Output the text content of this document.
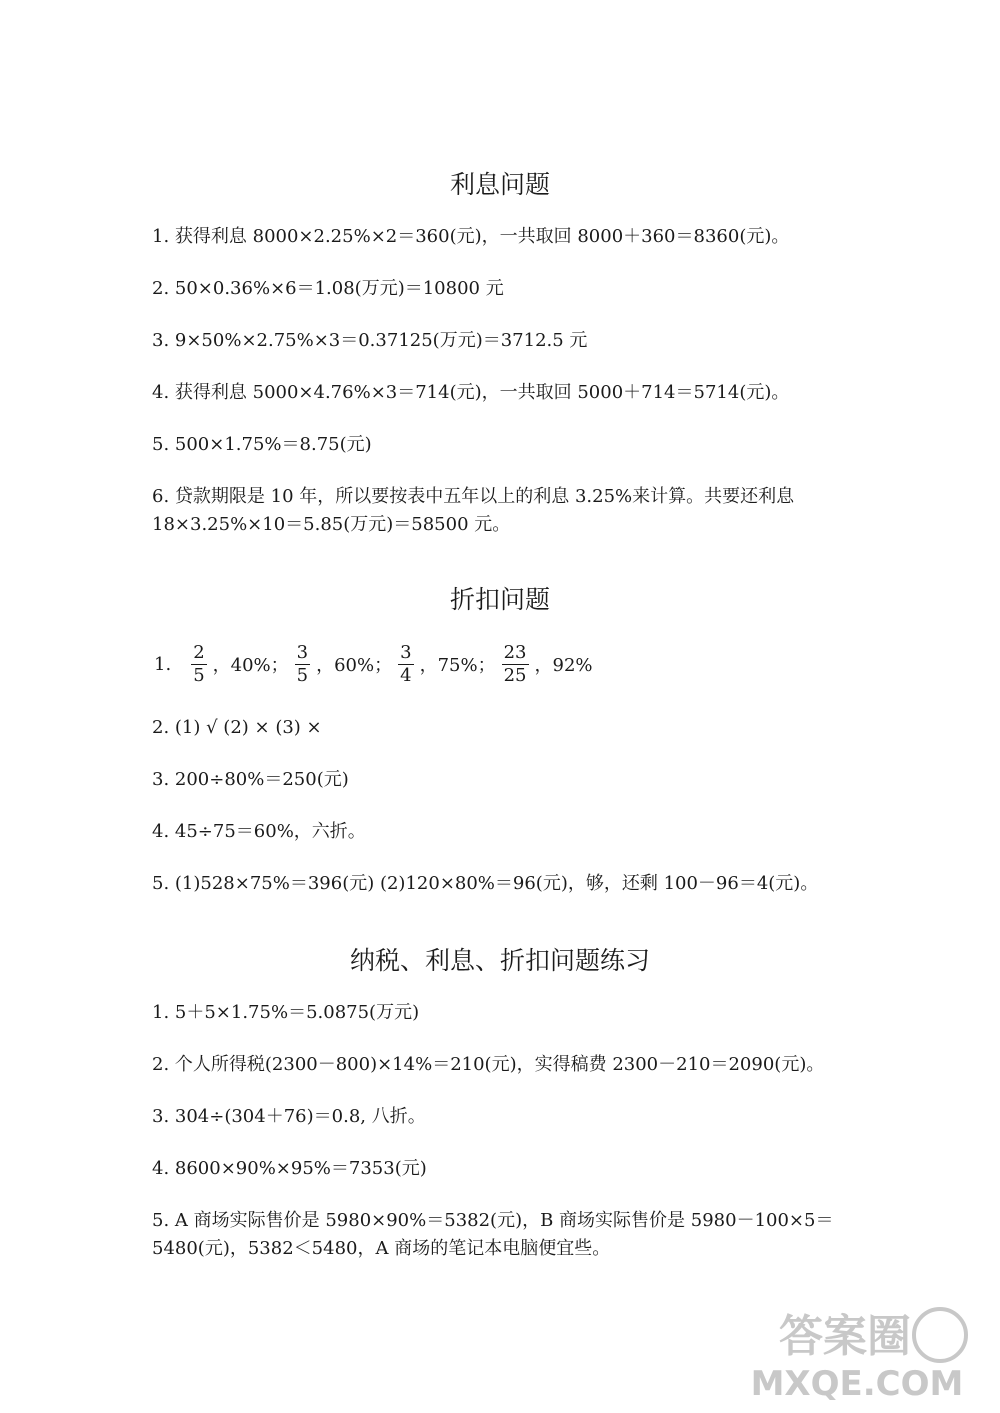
利息问题
1. 获得利息 8000×2.25%×2＝360(元)，一共取回 8000＋360＝8360(元)。
2. 50×0.36%×6＝1.08(万元)＝10800 元
3. 9×50%×2.75%×3＝0.37125(万元)＝3712.5 元
4. 获得利息 5000×4.76%×3＝714(元)，一共取回 5000＋714＝5714(元)。
5. 500×1.75%＝8.75(元)
6. 贷款期限是 10 年，所以要按表中五年以上的利息 3.25%来计算。共要还利息
18×3.25%×10＝5.85(万元)＝58500 元。
折扣问题
1. $\frac{2}{5}$ ，40%； $\frac{3}{5}$ ，60%； $\frac{3}{4}$ ，75%； $\frac{23}{25}$ ，92%
2. (1) √ (2) × (3) ×
3. 200÷80%＝250(元)
4. 45÷75＝60%，六折。
5. (1)528×75%＝396(元) (2)120×80%＝96(元)，够，还剩 100－96＝4(元)。
纳税、利息、折扣问题练习
1. 5＋5×1.75%＝5.0875(万元)
2. 个人所得税(2300－800)×14%＝210(元)，实得稿费 2300－210＝2090(元)。
3. 304÷(304＋76)＝0.8, 八折。
4. 8600×90%×95%＝7353(元)
5. A 商场实际售价是 5980×90%＝5382(元)，B 商场实际售价是 5980－100×5＝
5480(元)，5382＜5480，A 商场的笔记本电脑便宜些。
答案圈
MXQE.COM
